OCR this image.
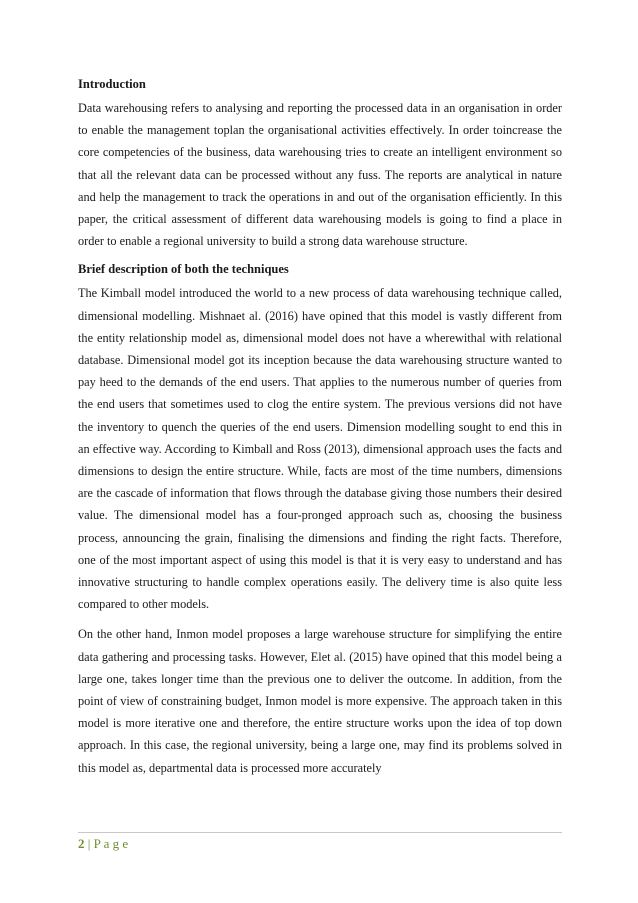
Introduction

Data warehousing refers to analysing and reporting the processed data in an organisation in order to enable the management toplan the organisational activities effectively. In order toincrease the core competencies of the business, data warehousing tries to create an intelligent environment so that all the relevant data can be processed without any fuss. The reports are analytical in nature and help the management to track the operations in and out of the organisation efficiently. In this paper, the critical assessment of different data warehousing models is going to find a place in order to enable a regional university to build a strong data warehouse structure.

Brief description of both the techniques

The Kimball model introduced the world to a new process of data warehousing technique called, dimensional modelling. Mishnaet al. (2016) have opined that this model is vastly different from the entity relationship model as, dimensional model does not have a wherewithal with relational database. Dimensional model got its inception because the data warehousing structure wanted to pay heed to the demands of the end users. That applies to the numerous number of queries from the end users that sometimes used to clog the entire system. The previous versions did not have the inventory to quench the queries of the end users. Dimension modelling sought to end this in an effective way. According to Kimball and Ross (2013), dimensional approach uses the facts and dimensions to design the entire structure. While, facts are most of the time numbers, dimensions are the cascade of information that flows through the database giving those numbers their desired value. The dimensional model has a four-pronged approach such as, choosing the business process, announcing the grain, finalising the dimensions and finding the right facts. Therefore, one of the most important aspect of using this model is that it is very easy to understand and has innovative structuring to handle complex operations easily. The delivery time is also quite less compared to other models.

On the other hand, Inmon model proposes a large warehouse structure for simplifying the entire data gathering and processing tasks. However, Elet al. (2015) have opined that this model being a large one, takes longer time than the previous one to deliver the outcome. In addition, from the point of view of constraining budget, Inmon model is more expensive. The approach taken in this model is more iterative one and therefore, the entire structure works upon the idea of top down approach. In this case, the regional university, being a large one, may find its problems solved in this model as, departmental data is processed more accurately

2 | P a g e
